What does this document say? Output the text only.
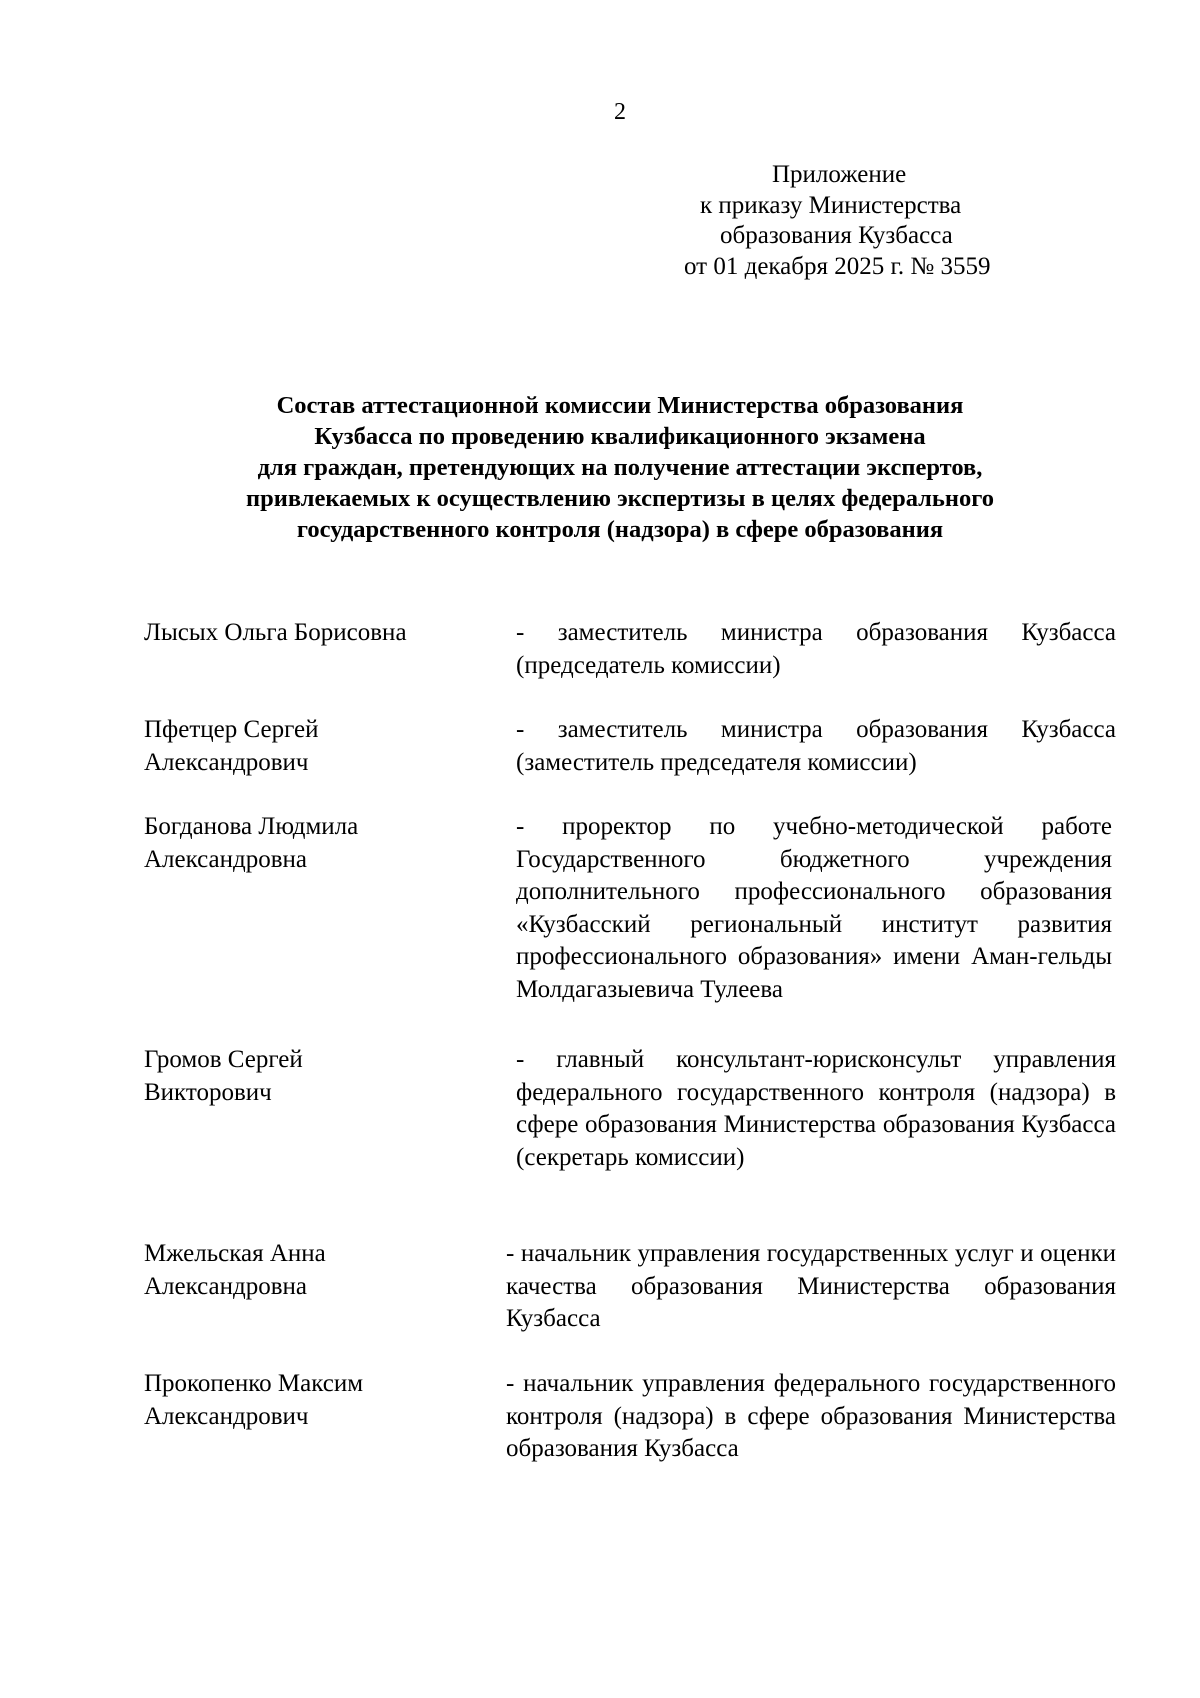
2
Приложение
к приказу Министерства
образования Кузбасса
от 01 декабря 2025 г. № 3559
Состав аттестационной комиссии Министерства образования
Кузбасса по проведению квалификационного экзамена
для граждан, претендующих на получение аттестации экспертов,
привлекаемых к осуществлению экспертизы в целях федерального
государственного контроля (надзора) в сфере образования
Лысых Ольга Борисовна	- заместитель министра образования Кузбасса (председатель комиссии)
Пфетцер Сергей Александрович
- заместитель министра образования Кузбасса (заместитель председателя комиссии)
Богданова Людмила Александровна
- проректор по учебно-методической работе Государственного бюджетного учреждения дополнительного профессионального образования «Кузбасский региональный институт развития профессионального образования» имени Аман-гельды Молдагазыевича Тулеева
Громов Сергей Викторович
- главный консультант-юрисконсульт управления федерального государственного контроля (надзора) в сфере образования Министерства образования Кузбасса (секретарь комиссии)
Мжельская Анна Александровна
- начальник управления государственных услуг и оценки качества образования Министерства образования Кузбасса
Прокопенко Максим Александрович
- начальник управления федерального государственного контроля (надзора) в сфере образования Министерства образования Кузбасса
